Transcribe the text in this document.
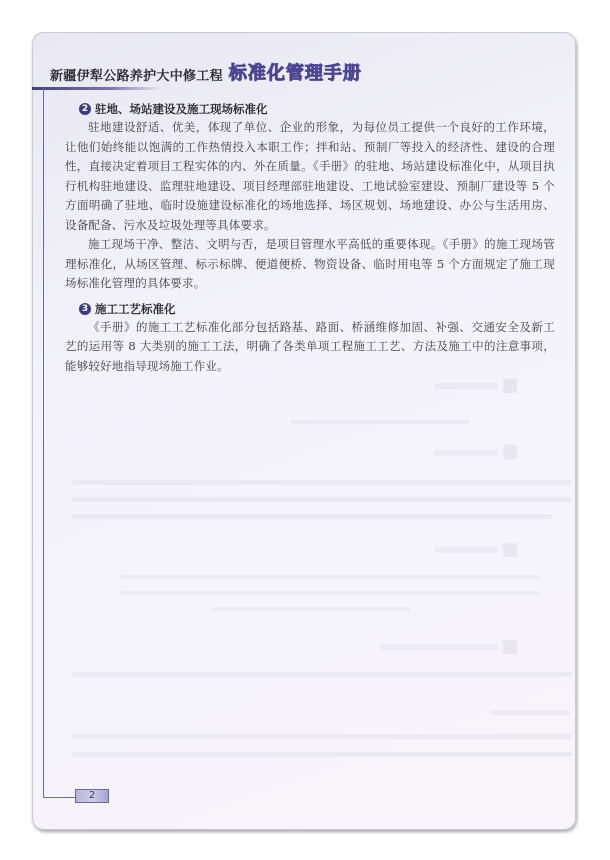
新疆伊犁公路养护大中修工程 标准化管理手册
2
2 驻地、场站建设及施工现场标准化

驻地建设舒适、优美，体现了单位、企业的形象，为每位员工提供一个良好的工作环境，让他们始终能以饱满的工作热情投入本职工作；拌和站、预制厂等投入的经济性、建设的合理性，直接决定着项目工程实体的内、外在质量。《手册》的驻地、场站建设标准化中，从项目执行机构驻地建设、监理驻地建设、项目经理部驻地建设、工地试验室建设、预制厂建设等 5 个方面明确了驻地、临时设施建设标准化的场地选择、场区规划、场地建设、办公与生活用房、设备配备、污水及垃圾处理等具体要求。

施工现场干净、整洁、文明与否，是项目管理水平高低的重要体现。《手册》的施工现场管理标准化，从场区管理、标示标牌、便道便桥、物资设备、临时用电等 5 个方面规定了施工现场标准化管理的具体要求。

3 施工工艺标准化

《手册》的施工工艺标准化部分包括路基、路面、桥涵维修加固、补强、交通安全及新工艺的运用等 8 大类别的施工工法，明确了各类单项工程施工工艺、方法及施工中的注意事项，能够较好地指导现场施工作业。
